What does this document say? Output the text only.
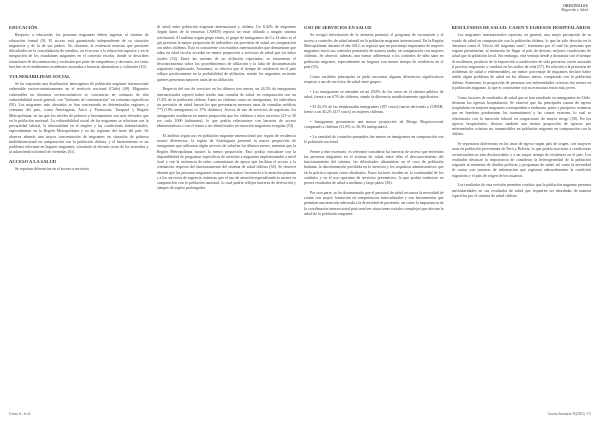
ORIGINALES
Migración y Salud
EDUCACIÓN
Respecto a educación, las personas migrantes deben ingresar al sistema de educación formal (9). El acceso está garantizado independiente de su situación migratoria y de la de sus padres. No obstante, la evidencia muestra que persisten dificultades en la convalidación de estudios, en el acceso a la educación superior y en la integración de los estudiantes migrantes en el contexto escolar, donde se describen situaciones de discriminación y exclusión por parte de compañeros y docentes, así como brechas en el rendimiento académico asociadas a barreras idiomáticas y culturales (10).
VULNERABILIDAD SOCIAL
Se ha reportado una distribución heterogénea de población migrante internacional vulnerable socioeconómicamente en el territorio nacional (Chile) (49). Migrantes vulnerables en términos socioeconómicos se concentran en comunas de alta vulnerabilidad social general, con "bolsones de concentración" en comunas específicas (50). Los migrantes más afectados se han concentrado en determinadas regiones y comunas del país, como Antofagasta, Arica y Parinacota, Tarapacá y Región Metropolitana, en las que los niveles de pobreza y hacinamiento son más elevados que en la población nacional. La vulnerabilidad social de los migrantes se relaciona con la precariedad laboral, la informalidad en el empleo y las condiciones habitacionales, especialmente en la Región Metropolitana y en las regiones del norte del país. Se observa además una mayor concentración de migrantes en situación de pobreza multidimensional en comparación con la población chilena, y el hacinamiento es un problema relevante en hogares migrantes, vinculado al elevado costo de los arriendos y al subarriendo informal de viviendas (51).
ACCESO A LA SALUD
Se reportan diferencias en el acceso a servicios
de salud entre población migrante internacional y chilena. Un 8,42% de migrantes (según datos de la encuesta CASEN) reportó no estar afiliado a ningún sistema previsional. Al analizar según grupo etario, el grupo de inmigrantes de 0 a 14 años es el que presenta la mayor proporción de individuos sin previsión de salud, en comparación con niños chilenos. Esto es consistente con estudios internacionales que demuestran que niños en edad escolar acceden en menor proporción a servicios de salud que los niños locales (52). Entre las razones de no afiliación reportadas, se encuentran el desconocimiento sobre los procedimientos de afiliación y la falta de documentación migratoria regularizada. Asimismo, se observa que el tiempo de residencia en el país influye positivamente en la probabilidad de afiliación, siendo los migrantes recientes quienes presentan mayores tasas de no afiliación.
Respecto del uso de servicios en los últimos tres meses, un 24,3% de inmigrantes internacionales reportó haber tenido una consulta de salud, en comparación con un 27,4% de la población chilena. Tanto en chilenos como en inmigrantes, los individuos sin previsión de salud fueron los que presentaron menores tasas de consultas médicas (**) (10% inmigrantes vs 17% chilenos). Acerca de uso de servicios de urgencias, los inmigrantes acudieron en menor proporción que los chilenos a estos servicios (23 vs 30 por cada 1000 habitantes), lo que podría relacionarse con barreras de acceso administrativas o con el temor a ser identificados en situación migratoria irregular (53).
El análisis según uso en población migrante internacional por región de residencia mostró diferencias: la región de Antofagasta presentó la mayor proporción de inmigrantes que utilizaron algún servicio de salud en los últimos meses, mientras que la Región Metropolitana mostró la menor proporción. Esto podría vincularse con la disponibilidad de programas específicos de atención a migrantes implementados a nivel local y con la existencia de redes comunitarias de apoyo que facilitan el acceso y la orientación respecto del funcionamiento del sistema de salud chileno (54). Se observó además que las personas migrantes recurren con mayor frecuencia a la atención primaria y a los servicios de urgencia, mientras que el uso de atención especializada es menor en comparación con la población nacional, lo cual podría reflejar barreras de derivación y tiempos de espera prolongados.
USO DE SERVICIOS EN SALUD
Se recogió información de la atención prenatal, el programa de vacunación y el acceso a controles de salud infantil en la población migrante internacional. En la Región Metropolitana, durante el año 2012, se registró que un porcentaje importante de mujeres migrantes inició sus controles prenatales de manera tardía, en comparación con mujeres chilenas. Se observó, además, una menor adherencia a los controles de niño sano en población migrante, especialmente en hogares con menor tiempo de residencia en el país (55).
Como variables principales se pudo encontrar algunas diferencias significativas respecto a uso de servicios de salud entre grupos:
• Los inmigrantes se atienden en un 29,8% de los casos en el sistema público de salud, frente a un 67% de chilenos, siendo la diferencia estadísticamente significativa.
• El 45,2% de las embarazadas inmigrantes (187 casos) fueron derivadas a COPAR, frente a un 45,2% (417 casos) en mujeres chilenas.
• Inmigrantes presentaron una mayor proporción de Riesgo Biopsicosocial comparado a chilenas (31,9% vs 36,3% inmigrantes).
• La cantidad de controles prenatales fue menor en inmigrantes en comparación con la población nacional.
Frente a este escenario, es relevante considerar las barreras de acceso que enfrentan las personas migrantes en el sistema de salud, entre ellas el desconocimiento del funcionamiento del sistema, las dificultades idiomáticas en el caso de población haitiana, la discriminación percibida en la atención y los requisitos administrativos que en la práctica operan como obstáculos. Estos factores inciden en la continuidad de los cuidados y en el uso oportuno de servicios preventivos, lo que podría traducirse en peores resultados de salud a mediano y largo plazo (56).
Por otra parte, se ha documentado que el personal de salud reconoce la necesidad de contar con mayor formación en competencias interculturales y con herramientas que permitan una atención adecuada a la diversidad de pacientes, así como la importancia de la coordinación intersectorial para resolver situaciones sociales complejas que afectan la salud de la población migrante.
RESULTADOS DE SALUD: CASEN Y EGRESOS HOSPITALARIOS
Los migrantes internacionales reportan, en general, una mejor percepción de su estado de salud en comparación con la población chilena, lo que ha sido descrito en la literatura como el "efecto del migrante sano", fenómeno por el cual las personas que migran presentarían, al momento de llegar al país de destino, mejores condiciones de salud que la población local. Sin embargo, esta ventaja tiende a disminuir con el tiempo de residencia, producto de la exposición a condiciones de vida precarias, estrés asociado al proceso migratorio y cambios en los estilos de vida (57). En relación a la presencia de problemas de salud o enfermedades, un menor porcentaje de migrantes declaró haber tenido algún problema de salud en los últimos meses, comparado con la población chilena. Asimismo, la proporción de personas con enfermedades crónicas fue menor en la población migrante, lo que es consistente con su estructura etaria más joven.
Como factores de resultados de salud que se han estudiado en inmigrantes en Chile, destacan los egresos hospitalarios. Se observó que las principales causas de egreso hospitalario en mujeres migrantes corresponden a embarazo, parto y puerperio, mientras que en hombres predominan los traumatismos y las causas externas, lo cual se relacionaría con la inserción laboral en ocupaciones de mayor riesgo (58). En los egresos hospitalarios, destaca también una menor proporción de egresos por enfermedades crónicas no transmisibles en población migrante en comparación con la chilena.
Se reportaron diferencias en las tasas de egreso según país de origen, con mayores tasas en población proveniente de Perú y Bolivia, lo que podría asociarse a condiciones socioeconómicas más desfavorables y a un mayor tiempo de residencia en el país. Los resultados destacan la importancia de considerar la heterogeneidad de la población migrante al momento de diseñar políticas y programas de salud, así como la necesidad de contar con sistemas de información que registren adecuadamente la condición migratoria y el país de origen de los usuarios.
Los resultados de esta revisión permiten concluir que la población migrante presenta particularidades en sus resultados de salud que requieren ser abordadas de manera específica por el sistema de salud chileno.
Urzúa A., et al.	Gaceta Sanitaria 35(2021) 1-5
